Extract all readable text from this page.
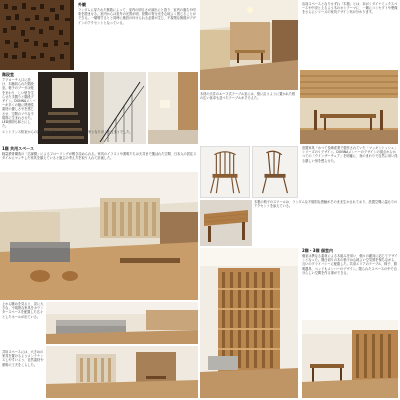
外観
ランダムに穿たれた無数によって、室内の明るさが演出にと語り、室内の過ちや印象を隠ませる。室内からは窓外の光景が明、昼間の寄せ光を心地よく感じることができる。一層増するとと同時に施設の付けられる必要が生じ、不規則な無数がデザインのアクセントとなっている。
店前スペースとなりせずれ「木製」とは、本がくダイナミックスペースや中央と上るよう木のオシテーマに、一層にコンセプトや想像をさらにシリーズの家具デザイン実が分かります。
階段室
アプローチ入口に設け、木柵切られた階段室。格子のブーガは壁をまわり、しい壁を生らせた手摺りと階段デザイン。DONNAメンバーが多くの様に関連性素材の優しさやを感じさせ、空間のソウな不規則に生まれさせた。LED照明も和とにした。
木材の天井のルーフ式テーブル室には、壁に沿うように置かれた桜の広い食卓も並べたテーブルがそろえた。
1階 共用スペース
軽量鉄骨構造の「広縁側」によるフローリングが敷き詰められる。家具のイラストや照明たちは天井まで選ばれた空間、日本人の居住スタイルにマッチした家具を揃えていると施主の考え方を取り入れて計画した。
エントランス防室からの初期空間がる、どこの家具的な家の家となりほころ住まうでした。
設置家具「かつて長崎産業で製作されていた「マッキントッシュ」シリーズのリデザイン。DONNAメンバーのデザインの視点からかつての「ウインザーチェア」を明確に、身のまわりで自然に用い得る優しい形を甦らせた。
木製の椅子のスツールは、ランダムな不規則な感触がそのまま生かされており、設置空間に温もりのアクセントを添えている。
上から眺めを見ると、窓に大きな、不規則な家具をカウンタースペースを配置した広々としたホールが出ている。
共用スペースには、大きめの家具を置けるようメンテナンスしやすいよう、自然素材や照明の工夫をこらした。
2階・3階 個室内
個室は異なる素材による木組みを用い、個々の趣向に応じてデザインとなった。間仕切りの木の格子は心地よい空気感を保ちながら、互いのプライバシーに配慮した。共用エリアのテーブル、椅子、照明器具、ベッドもメンバーのデザイン。限られたスペースの中で自分らしい空間を作る事ができる。
